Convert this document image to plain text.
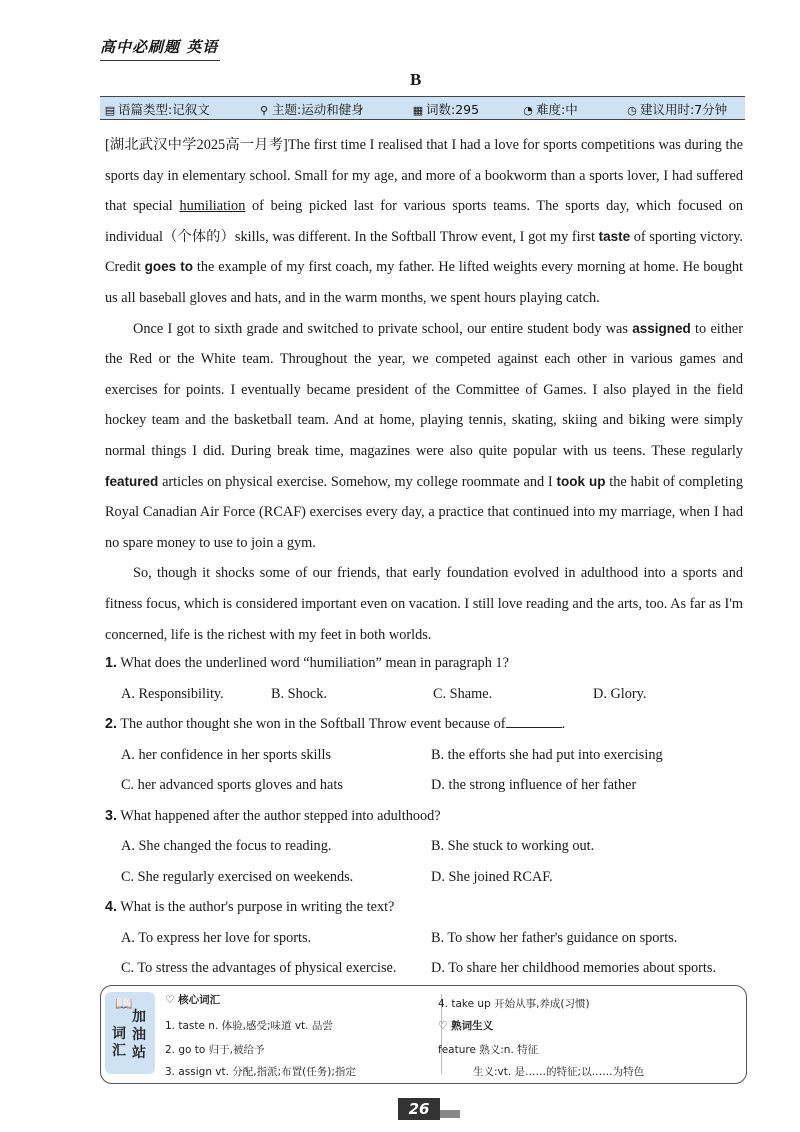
高中必刷题 英语
B
▤ 语篇类型:记叙文	⚲ 主题:运动和健身	▦ 词数:295	◔ 难度:中	◷ 建议用时:7分钟

[湖北武汉中学2025高一月考]The first time I realised that I had a love for sports competitions was during the sports day in elementary school. Small for my age, and more of a bookworm than a sports lover, I had suffered that special humiliation of being picked last for various sports teams. The sports day, which focused on individual（个体的）skills, was different. In the Softball Throw event, I got my first taste of sporting victory. Credit goes to the example of my first coach, my father. He lifted weights every morning at home. He bought us all baseball gloves and hats, and in the warm months, we spent hours playing catch.

Once I got to sixth grade and switched to private school, our entire student body was assigned to either the Red or the White team. Throughout the year, we competed against each other in various games and exercises for points. I eventually became president of the Committee of Games. I also played in the field hockey team and the basketball team. And at home, playing tennis, skating, skiing and biking were simply normal things I did. During break time, magazines were also quite popular with us teens. These regularly featured articles on physical exercise. Somehow, my college roommate and I took up the habit of completing Royal Canadian Air Force (RCAF) exercises every day, a practice that continued into my marriage, when I had no spare money to use to join a gym.

So, though it shocks some of our friends, that early foundation evolved in adulthood into a sports and fitness focus, which is considered important even on vacation. I still love reading and the arts, too. As far as I'm concerned, life is the richest with my feet in both worlds.

1. What does the underlined word “humiliation” mean in paragraph 1?
A. Responsibility.	B. Shock.	C. Shame.	D. Glory.
2. The author thought she won in the Softball Throw event because of	.
A. her confidence in her sports skills	B. the efforts she had put into exercising
C. her advanced sports gloves and hats	D. the strong influence of her father
3. What happened after the author stepped into adulthood?
A. She changed the focus to reading.	B. She stuck to working out.
C. She regularly exercised on weekends.	D. She joined RCAF.
4. What is the author's purpose in writing the text?
A. To express her love for sports.	B. To show her father's guidance on sports.
C. To stress the advantages of physical exercise. D. To share her childhood memories about sports.
📖
词汇
加油站
♡ 核心词汇
1. taste n. 体验,感受;味道 vt. 品尝
2. go to 归于,被给予
3. assign vt. 分配,指派;布置(任务);指定
4. take up 开始从事,养成(习惯)
♡ 熟词生义
feature 熟义:n. 特征
生义:vt. 是……的特征;以……为特色
26
